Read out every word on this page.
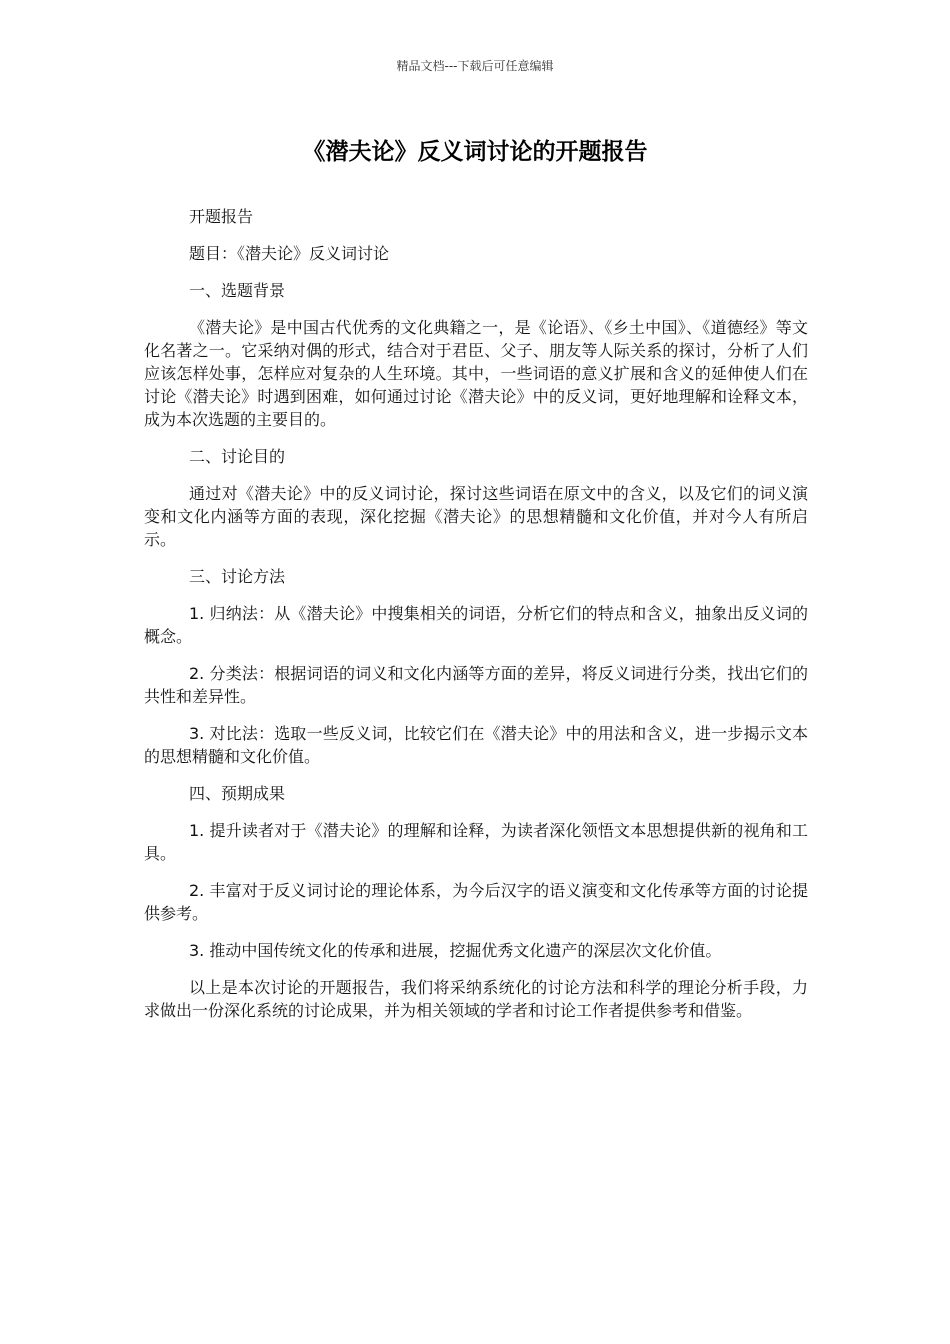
精品文档---下载后可任意编辑
《潜夫论》反义词讨论的开题报告

开题报告

题目：《潜夫论》反义词讨论

一、选题背景

《潜夫论》是中国古代优秀的文化典籍之一，是《论语》、《乡土中国》、《道德经》等文化名著之一。它采纳对偶的形式，结合对于君臣、父子、朋友等人际关系的探讨，分析了人们应该怎样处事，怎样应对复杂的人生环境。其中，一些词语的意义扩展和含义的延伸使人们在讨论《潜夫论》时遇到困难，如何通过讨论《潜夫论》中的反义词，更好地理解和诠释文本，成为本次选题的主要目的。

二、讨论目的

通过对《潜夫论》中的反义词讨论，探讨这些词语在原文中的含义，以及它们的词义演变和文化内涵等方面的表现，深化挖掘《潜夫论》的思想精髓和文化价值，并对今人有所启示。

三、讨论方法

1. 归纳法：从《潜夫论》中搜集相关的词语，分析它们的特点和含义，抽象出反义词的概念。

2. 分类法：根据词语的词义和文化内涵等方面的差异，将反义词进行分类，找出它们的共性和差异性。

3. 对比法：选取一些反义词，比较它们在《潜夫论》中的用法和含义，进一步揭示文本的思想精髓和文化价值。

四、预期成果

1. 提升读者对于《潜夫论》的理解和诠释，为读者深化领悟文本思想提供新的视角和工具。

2. 丰富对于反义词讨论的理论体系，为今后汉字的语义演变和文化传承等方面的讨论提供参考。

3. 推动中国传统文化的传承和进展，挖掘优秀文化遗产的深层次文化价值。

以上是本次讨论的开题报告，我们将采纳系统化的讨论方法和科学的理论分析手段，力求做出一份深化系统的讨论成果，并为相关领域的学者和讨论工作者提供参考和借鉴。
